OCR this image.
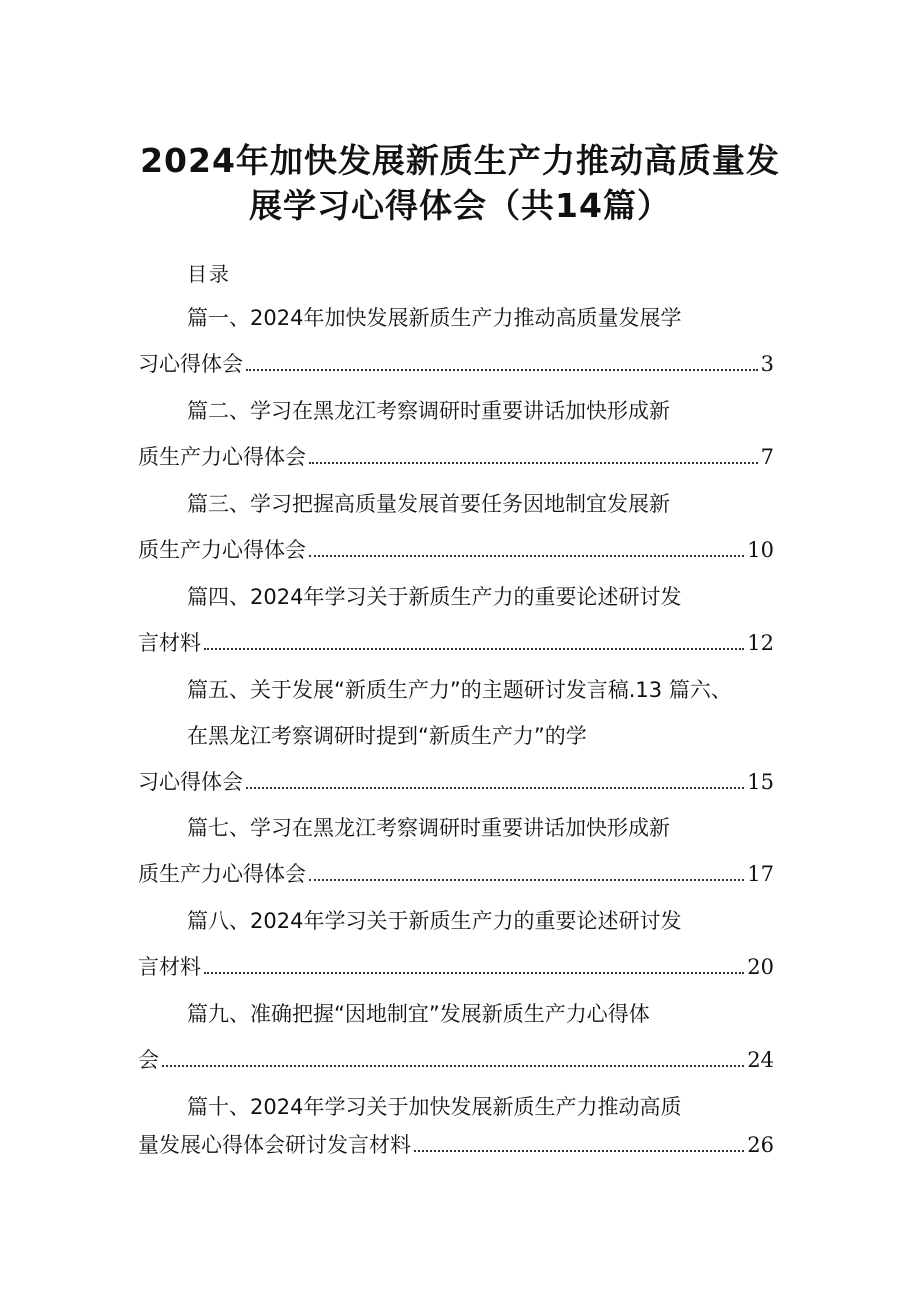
2024年加快发展新质生产力推动高质量发
展学习心得体会（共14篇）
目录
篇一、2024年加快发展新质生产力推动高质量发展学
习心得体会	3
篇二、学习在黑龙江考察调研时重要讲话加快形成新
质生产力心得体会	7
篇三、学习把握高质量发展首要任务因地制宜发展新
质生产力心得体会	10
篇四、2024年学习关于新质生产力的重要论述研讨发
言材料	12
篇五、关于发展“新质生产力”的主题研讨发言稿.13 篇六、
在黑龙江考察调研时提到“新质生产力”的学
习心得体会	15
篇七、学习在黑龙江考察调研时重要讲话加快形成新
质生产力心得体会	17
篇八、2024年学习关于新质生产力的重要论述研讨发
言材料	20
篇九、准确把握“因地制宜”发展新质生产力心得体
会	24
篇十、2024年学习关于加快发展新质生产力推动高质
量发展心得体会研讨发言材料	26
